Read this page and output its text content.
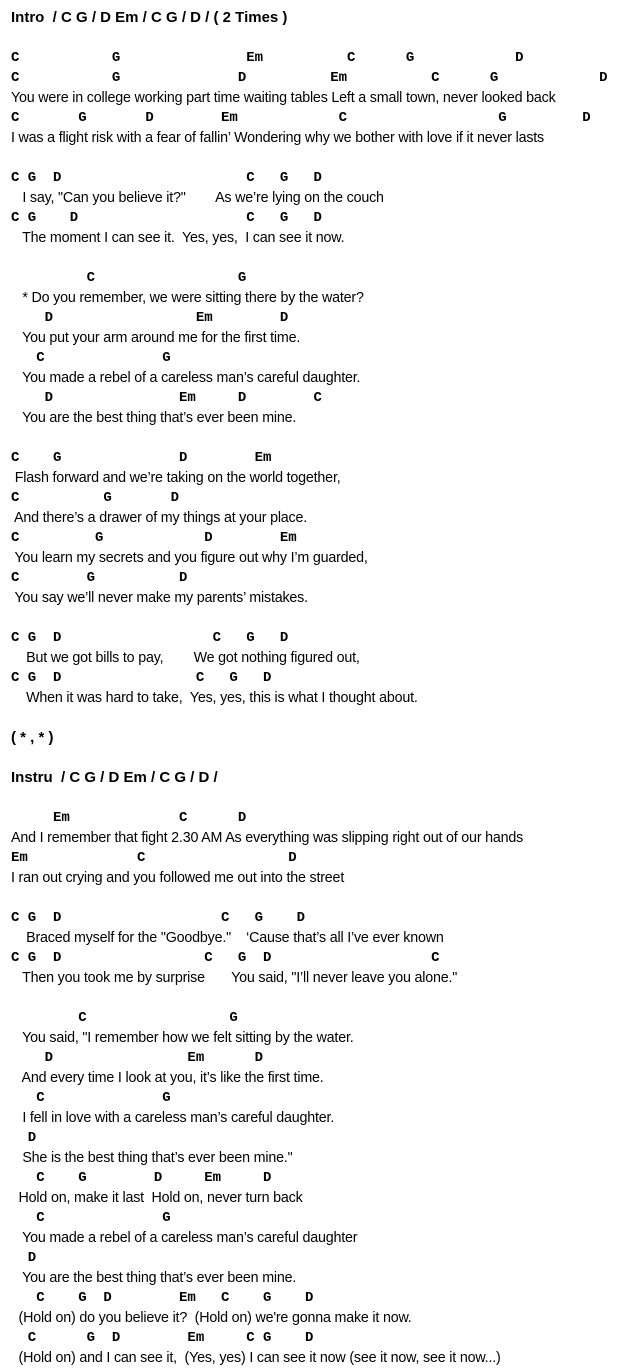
Intro  / C G / D Em / C G / D / ( 2 Times )
C           G               Em          C      G            D
C           G              D          Em          C      G            D
You were in college working part time waiting tables Left a small town, never looked back
C       G       D        Em            C                  G         D
I was a flight risk with a fear of fallin’ Wondering why we bother with love if it never lasts
C G  D                      C   G   D
I say, "Can you believe it?"        As we’re lying on the couch
C G    D                    C   G   D
The moment I can see it.  Yes, yes,  I can see it now.
C                 G
* Do you remember, we were sitting there by the water?
D                 Em        D
You put your arm around me for the first time.
C              G
You made a rebel of a careless man’s careful daughter.
D               Em     D        C
You are the best thing that’s ever been mine.
C    G              D        Em
Flash forward and we’re taking on the world together,
C          G       D
And there’s a drawer of my things at your place.
C         G            D        Em
You learn my secrets and you figure out why I’m guarded,
C        G          D
You say we’ll never make my parents’ mistakes.
C G  D                  C   G   D
But we got bills to pay,        We got nothing figured out,
C G  D                C   G   D
When it was hard to take,  Yes, yes, this is what I thought about.
( * , * )
Instru  / C G / D Em / C G / D /
Em             C      D
And I remember that fight 2.30 AM As everything was slipping right out of our hands
Em             C                 D
I ran out crying and you followed me out into the street
C G  D                   C   G    D
Braced myself for the "Goodbye."    ‘Cause that’s all I’ve ever known
C G  D                 C   G  D                   C
Then you took me by surprise       You said, "I’ll never leave you alone."
C                 G
You said, "I remember how we felt sitting by the water.
D                Em      D
And every time I look at you, it’s like the first time.
C              G
I fell in love with a careless man’s careful daughter.
D
She is the best thing that’s ever been mine."
C    G        D     Em     D
Hold on, make it last  Hold on, never turn back
C              G
You made a rebel of a careless man’s careful daughter
D
You are the best thing that’s ever been mine.
C    G  D        Em   C    G    D
(Hold on) do you believe it?  (Hold on) we're gonna make it now.
C      G  D        Em     C G    D
(Hold on) and I can see it,  (Yes, yes) I can see it now (see it now, see it now...)
